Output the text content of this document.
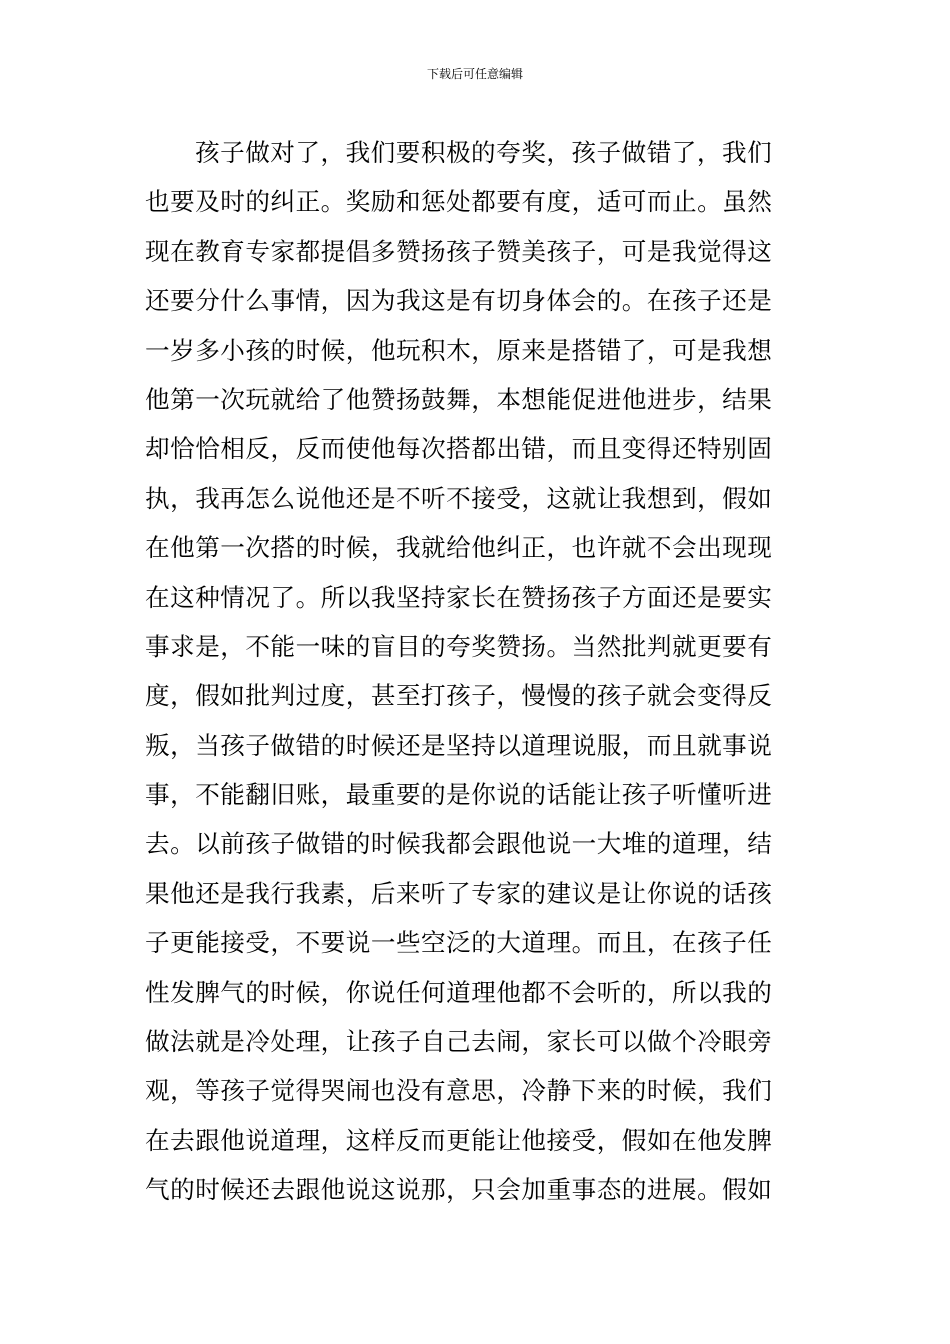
下载后可任意编辑
孩子做对了，我们要积极的夸奖，孩子做错了，我们
也要及时的纠正。奖励和惩处都要有度，适可而止。虽然
现在教育专家都提倡多赞扬孩子赞美孩子，可是我觉得这
还要分什么事情，因为我这是有切身体会的。在孩子还是
一岁多小孩的时候，他玩积木，原来是搭错了，可是我想
他第一次玩就给了他赞扬鼓舞，本想能促进他进步，结果
却恰恰相反，反而使他每次搭都出错，而且变得还特别固
执，我再怎么说他还是不听不接受，这就让我想到，假如
在他第一次搭的时候，我就给他纠正，也许就不会出现现
在这种情况了。所以我坚持家长在赞扬孩子方面还是要实
事求是，不能一味的盲目的夸奖赞扬。当然批判就更要有
度，假如批判过度，甚至打孩子，慢慢的孩子就会变得反
叛，当孩子做错的时候还是坚持以道理说服，而且就事说
事，不能翻旧账，最重要的是你说的话能让孩子听懂听进
去。以前孩子做错的时候我都会跟他说一大堆的道理，结
果他还是我行我素，后来听了专家的建议是让你说的话孩
子更能接受，不要说一些空泛的大道理。而且，在孩子任
性发脾气的时候，你说任何道理他都不会听的，所以我的
做法就是冷处理，让孩子自己去闹，家长可以做个冷眼旁
观，等孩子觉得哭闹也没有意思，冷静下来的时候，我们
在去跟他说道理，这样反而更能让他接受，假如在他发脾
气的时候还去跟他说这说那，只会加重事态的进展。假如
